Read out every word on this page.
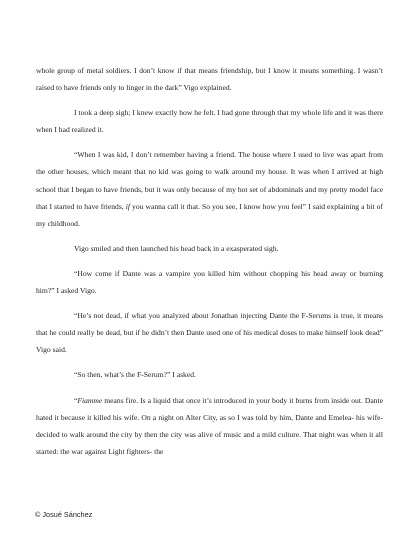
whole group of metal soldiers. I don’t know if that means friendship, but I know it means something. I wasn’t raised to have friends only to linger in the dark” Vigo explained.

I took a deep sigh; I knew exactly how he felt. I had gone through that my whole life and it was there when I had realized it.

“When I was kid, I don’t remember having a friend. The house where I used to live was apart from the other houses, which meant that no kid was going to walk around my house. It was when I arrived at high school that I began to have friends, but it was only because of my hot set of abdominals and my pretty model face that I started to have friends, if you wanna call it that. So you see, I know how you feel” I said explaining a bit of my childhood.

Vigo smiled and then launched his head back in a exasperated sigh.

“How come if Dante was a vampire you killed him without chopping his head away or burning him?” I asked Vigo.

“He’s not dead, if what you analyzed about Jonathan injecting Dante the F-Serums is true, it means that he could really be dead, but if he didn’t then Dante used one of his medical doses to make himself look dead” Vigo said.

“So then, what’s the F-Serum?” I asked.

“Fiamme means fire. Is a liquid that once it’s introduced in your body it burns from inside out. Dante hated it because it killed his wife. On a night on Alter City, as so I was told by him, Dante and Emelea- his wife- decided to walk around the city by then the city was alive of music and a mild culture. That night was when it all started: the war against Light fighters- the

© Josué Sánchez
